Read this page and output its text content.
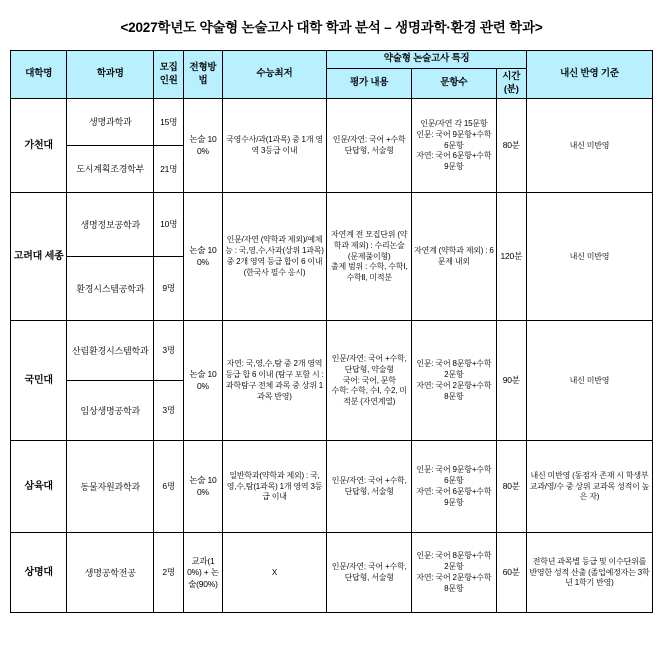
<2027학년도 약술형 논술고사 대학 학과 분석 – 생명과학·환경 관련 학과>
대학명	학과명	모집인원	전형방법	수능최저	약술형 논술고사 특징			내신 반영 기준
					평가 내용	문항수	시간(분)	
가천대	생명과학과	15명	논술 100%	국영수사/과(1과목) 중 1개 영역 3등급 이내	인문/자연: 국어 +수학 단답형, 서술형	인문/자연 각 15문항
인문: 국어 9문항+수학 6문항
자연: 국어 6문항+수학 9문항	80분	내신 미반영
	도시계획조경학부	21명						
고려대 세종	생명정보공학과	10명	논술 100%	인문/자연 (약학과 제외)/예체능 : 국,영,수,사과(상위 1과목) 중 2개 영역 등급 합이 6 이내 (한국사 필수 응시)	자연계 전 모집단위 (약학과 제외) : 수리논술 (문제풀이형)
출제 범위 : 수학, 수학Ⅰ,수학Ⅱ, 미적분	자연계 (약학과 제외) : 6문제 내외	120분	내신 미반영
	환경시스템공학과	9명						
국민대	산림환경시스템학과	3명	논술 100%	자연: 국,영,수,탐 중 2개 영역 등급 합 6 이내 (탐구 포함 시 : 과학탐구 전체 과목 중 상위 1과목 반영)	인문/자연: 국어 +수학, 단답형, 약술형
국어: 국어, 문학
수학: 수학, 수Ⅰ, 수2, 미적분 (자연계열)	인문: 국어 8문항+수학 2문항
자연: 국어 2문항+수학 8문항	90분	내신 미반영
	임상생명공학과	3명						
삼육대	동물자원과학과	6명	논술 100%	일반학과(약학과 제외) : 국,영,수,탐(1과목) 1개 영역 3등급 이내	인문/자연: 국어 +수학, 단답형, 서술형	인문: 국어 9문항+수학 6문항
자연: 국어 6문항+수학 9문항	80분	내신 미반영 (동점자 존재 시 학생부 교과/영/수 중 상위 교과목 성적이 높은 자)
상명대	생명공학전공	2명	교과(10%) + 논술(90%)	X	인문/자연: 국어 +수학, 단답형, 서술형	인문: 국어 8문항+수학 2문항
자연: 국어 2문항+수학 8문항	60분	전학년 과목별 등급 및 이수단위를 반영한 성적 산출 (졸업예정자는 3학년 1학기 반영)
